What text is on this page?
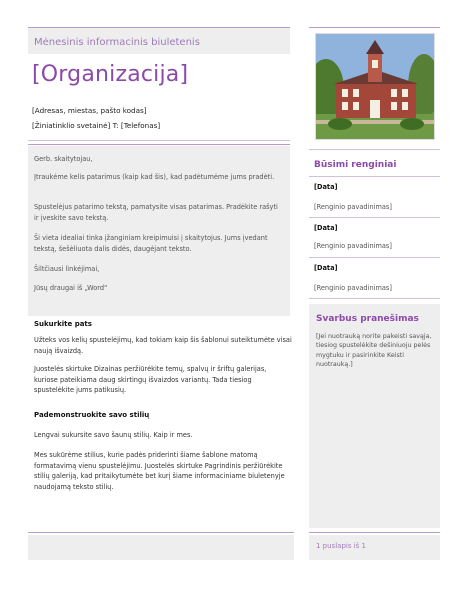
Mėnesinis informacinis biuletenis
[Organizacija]
[Adresas, miestas, pašto kodas]
[Žiniatinklio svetainė] T: [Telefonas]

Gerb. skaitytojau,

Įtraukėme kelis patarimus (kaip kad šis), kad padėtumėme jums pradėti.

Spustelėjus patarimo tekstą, pamatysite visas patarimas. Pradėkite rašyti ir įveskite savo tekstą.

Ši vieta idealiai tinka įžanginiam kreipimuisi į skaitytojus. Jums įvedant tekstą, šešėliuota dalis didės, daugėjant teksto.

Šiltčiausi linkėjimai,

Jūsų draugai iš „Word“

Sukurkite pats

Užteks vos kelių spustelėjimų, kad tokiam kaip šis šablonui suteiktumėte visai naują išvaizdą.

Juostelės skirtuke Dizainas peržiūrėkite temų, spalvų ir šriftų galerijas, kuriose pateikiama daug skirtingų išvaizdos variantų. Tada tiesiog spustelėkite jums patikusių.

Pademonstruokite savo stilių

Lengvai sukursite savo šaunų stilių. Kaip ir mes.

Mes sukūrėme stilius, kurie padės priderinti šiame šablone matomą formatavimą vienu spustelėjimu. Juostelės skirtuke Pagrindinis peržiūrėkite stilių galeriją, kad pritaikytumėte bet kurį šiame informaciniame biuletenyje naudojamą teksto stilių.

1 puslapis iš 1
Būsimi renginiai
[Data]
[Renginio pavadinimas]
[Data]
[Renginio pavadinimas]
[Data]
[Renginio pavadinimas]
Svarbus pranešimas

[Jei nuotrauką norite pakeisti savąja, tiesiog spustelėkite dešiniuoju pelės mygtuku ir pasirinkite Keisti nuotrauką.]
